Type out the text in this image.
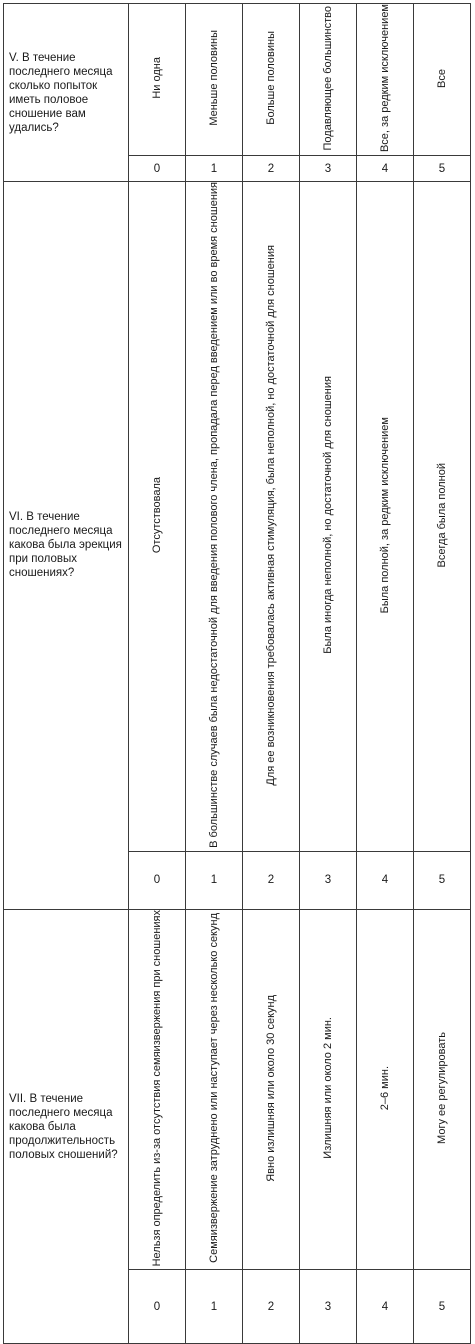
V. В течение последнего месяца сколько попыток иметь половое сношение вам удались?	Ни одна	Меньше половины	Больше половины	Подавляющее большинство	Все, за редким исключением	Все
	0	1	2	3	4	5
VI. В течение последнего месяца какова была эрекция при половых сношениях?	Отсутствовала	В большинстве случаев была недостаточной для введения полового члена, пропадала перед введением или во время сношения	Для ее возникновения требовалась активная стимуляция, была неполной, но достаточной для сношения	Была иногда неполной, но достаточной для сношения	Была полной, за редким исключением	Всегда была полной
	0	1	2	3	4	5
VII. В течение последнего месяца какова была продолжительность половых сношений?	Нельзя определить из-за отсутствия семяизвержения при сношениях	Семяизвержение затруднено или наступает через несколько секунд	Явно излишняя или около 30 секунд	Излишняя или около 2 мин.	2–6 мин.	Могу ее регулировать
	0	1	2	3	4	5
